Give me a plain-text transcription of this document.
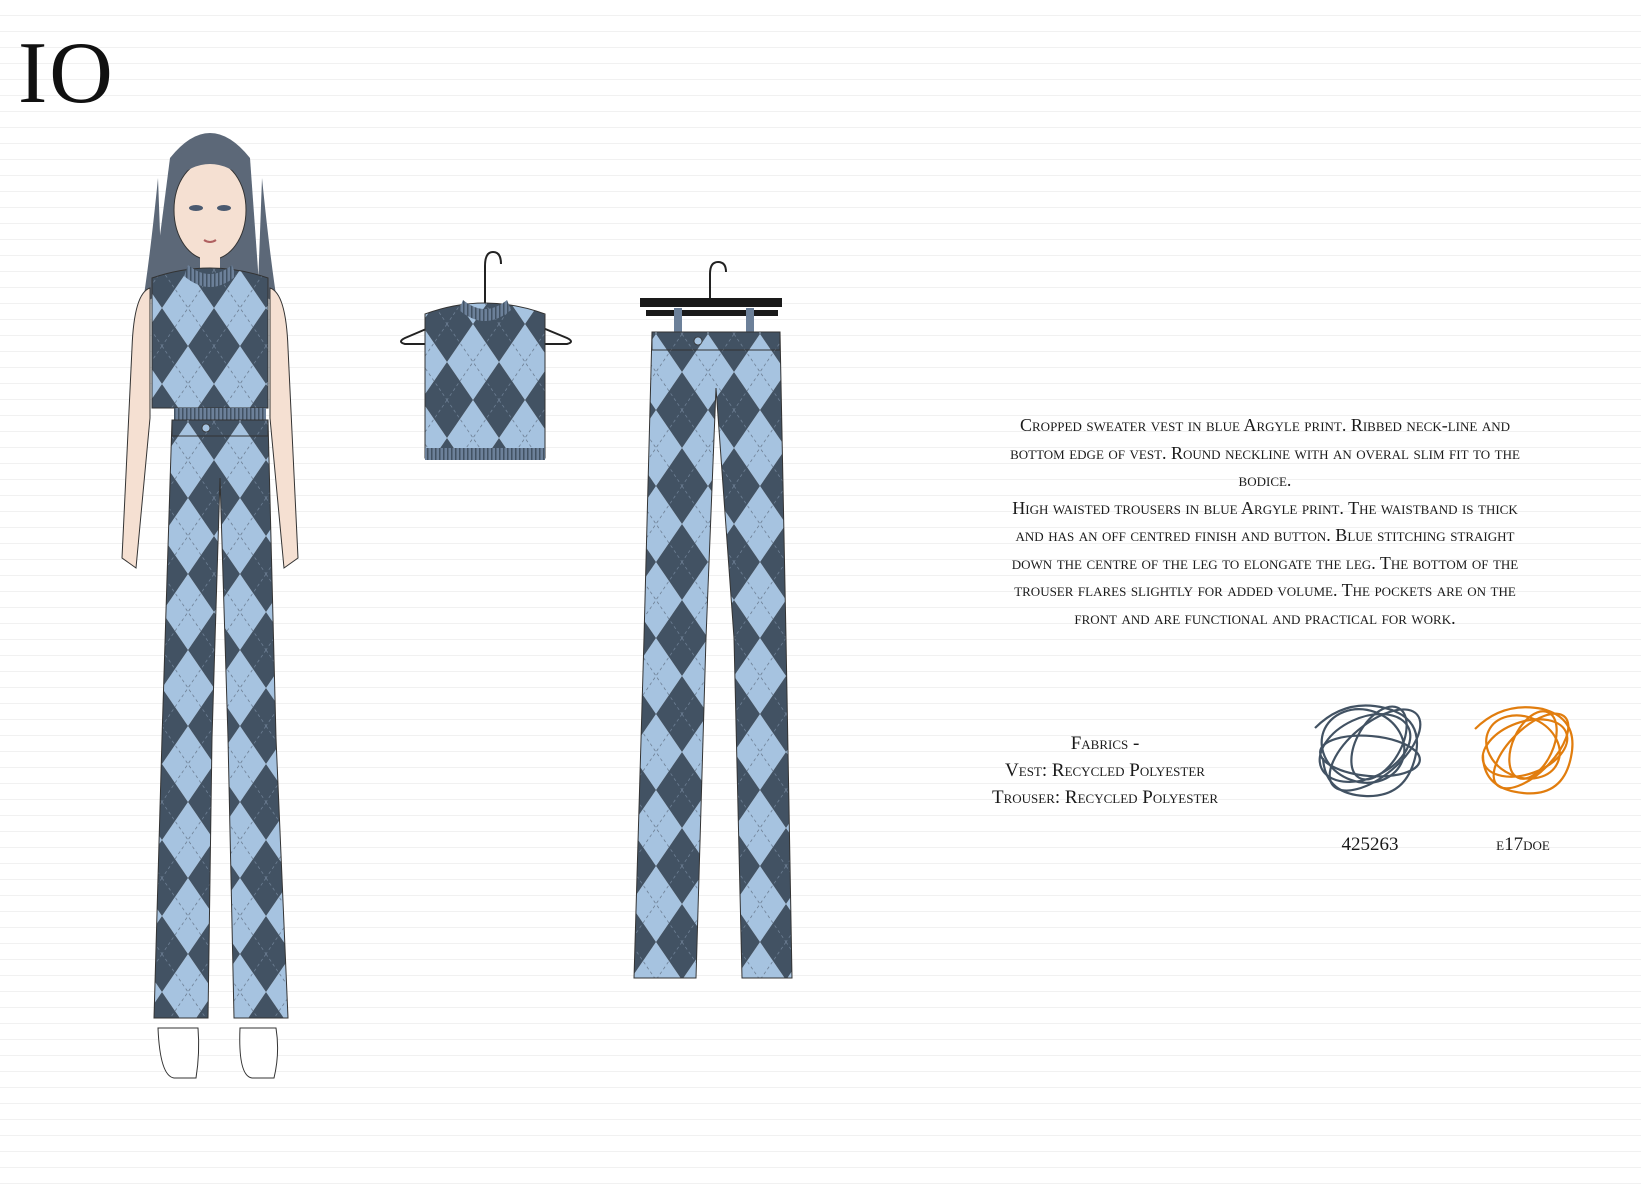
IO

Cropped sweater vest in blue Argyle print. Ribbed neck-line and bottom edge of vest. Round neckline with an overal slim fit to the bodice.

High waisted trousers in blue Argyle print. The waistband is thick and has an off centred finish and button. Blue stitching straight down the centre of the leg to elongate the leg. The bottom of the trouser flares slightly for added volume. The pockets are on the front and are functional and practical for work.

Fabrics -
Vest: Recycled Polyester
Trouser: Recycled Polyester
425263	e17doe
